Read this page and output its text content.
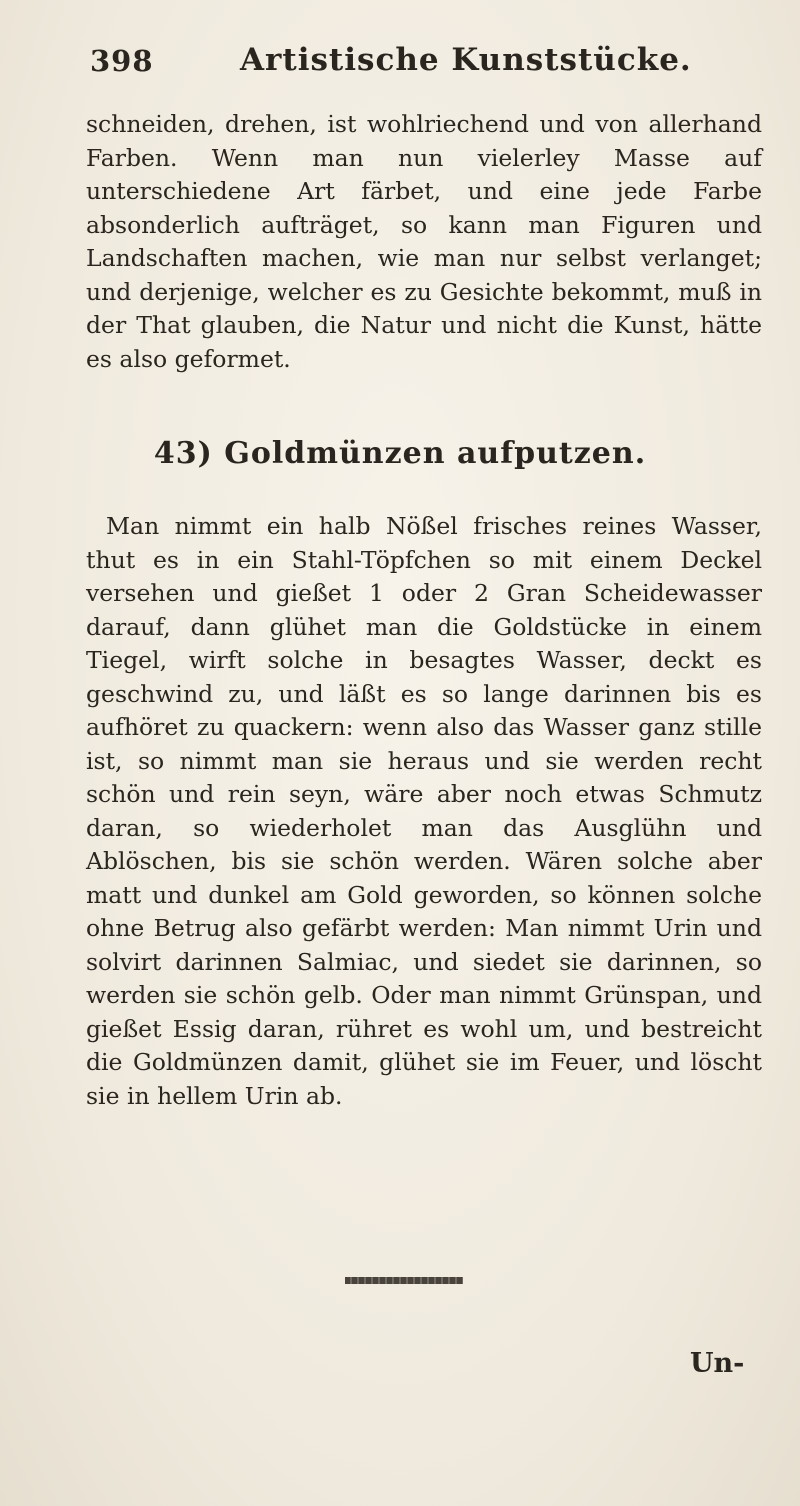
398	Artistische Kunststücke.
schneiden, drehen, ist wohlriechend und von allerhand Farben. Wenn man nun vielerley Masse auf unterschiedene Art färbet, und eine jede Farbe absonderlich aufträget, so kann man Figuren und Landschaften machen, wie man nur selbst verlanget; und derjenige, welcher es zu Gesichte bekommt, muß in der That glauben, die Natur und nicht die Kunst, hätte es also geformet.
43) Goldmünzen aufputzen.
Man nimmt ein halb Nößel frisches reines Wasser, thut es in ein Stahl-Töpfchen so mit einem Deckel versehen und gießet 1 oder 2 Gran Scheidewasser darauf, dann glühet man die Goldstücke in einem Tiegel, wirft solche in besagtes Wasser, deckt es geschwind zu, und läßt es so lange darinnen bis es aufhöret zu quackern: wenn also das Wasser ganz stille ist, so nimmt man sie heraus und sie werden recht schön und rein seyn, wäre aber noch etwas Schmutz daran, so wiederholet man das Ausglühn und Ablöschen, bis sie schön werden. Wären solche aber matt und dunkel am Gold geworden, so können solche ohne Betrug also gefärbt werden: Man nimmt Urin und solvirt darinnen Salmiac, und siedet sie darinnen, so werden sie schön gelb. Oder man nimmt Grünspan, und gießet Essig daran, rühret es wohl um, und bestreicht die Goldmünzen damit, glühet sie im Feuer, und löscht sie in hellem Urin ab.
Un-
